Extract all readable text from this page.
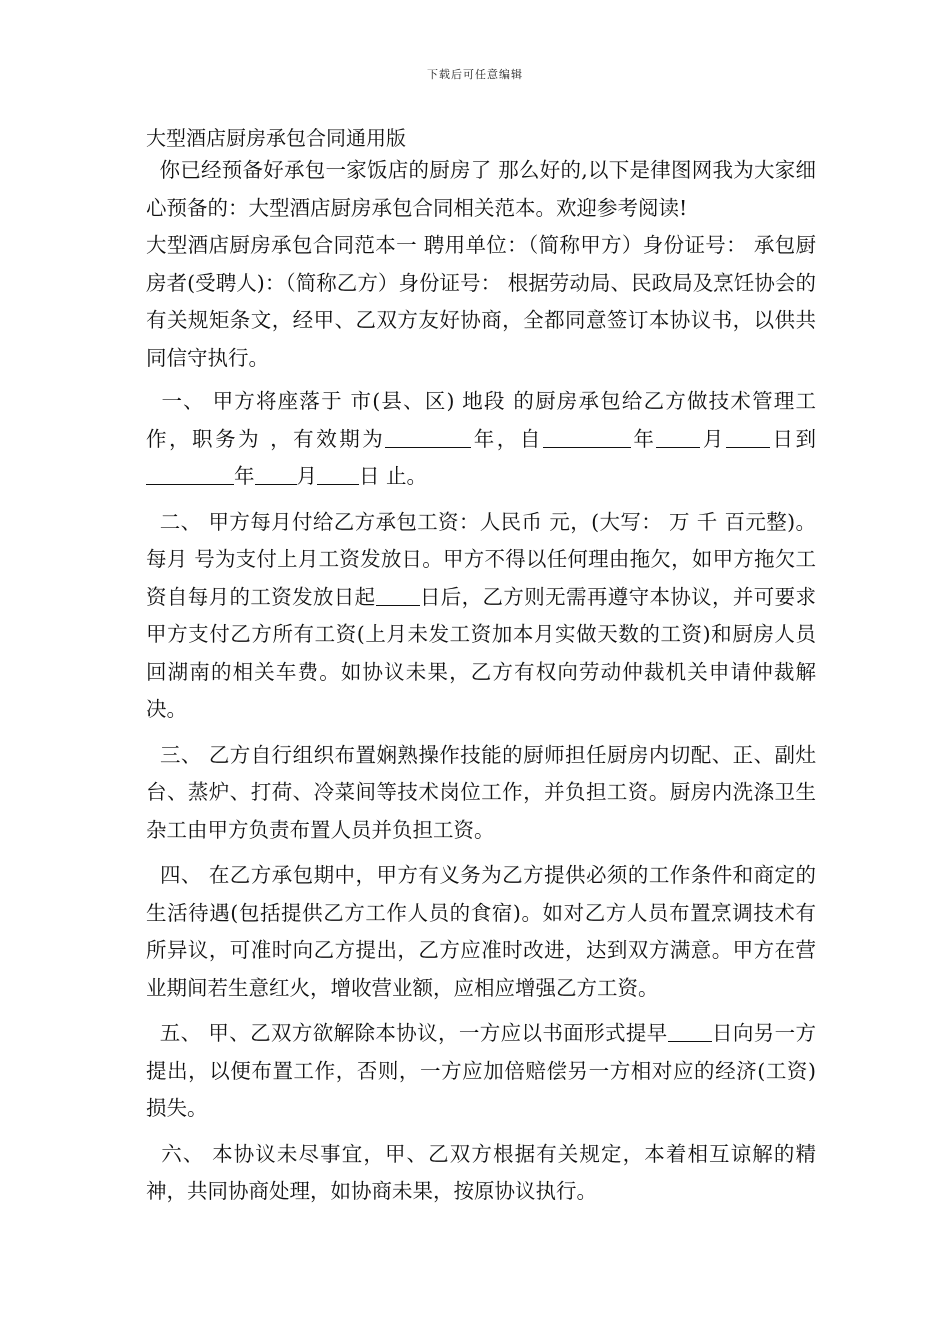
下载后可任意编辑
大型酒店厨房承包合同通用版

你已经预备好承包一家饭店的厨房了 那么好的,以下是律图网我为大家细心预备的：大型酒店厨房承包合同相关范本。欢迎参考阅读!

大型酒店厨房承包合同范本一 聘用单位：（简称甲方）身份证号： 承包厨房者(受聘人)：（简称乙方）身份证号： 根据劳动局、民政局及烹饪协会的有关规矩条文，经甲、乙双方友好协商，全都同意签订本协议书，以供共同信守执行。

一、 甲方将座落于 市(县、区) 地段 的厨房承包给乙方做技术管理工作，职务为 ，有效期为	年，自	年 月 日到年 月 日 止。

二、 甲方每月付给乙方承包工资：人民币 元，(大写： 万 千 百元整)。每月 号为支付上月工资发放日。甲方不得以任何理由拖欠，如甲方拖欠工资自每月的工资发放日起 日后，乙方则无需再遵守本协议，并可要求甲方支付乙方所有工资(上月未发工资加本月实做天数的工资)和厨房人员回湖南的相关车费。如协议未果，乙方有权向劳动仲裁机关申请仲裁解决。

三、 乙方自行组织布置娴熟操作技能的厨师担任厨房内切配、正、副灶台、蒸炉、打荷、冷菜间等技术岗位工作，并负担工资。厨房内洗涤卫生杂工由甲方负责布置人员并负担工资。

四、 在乙方承包期中，甲方有义务为乙方提供必须的工作条件和商定的生活待遇(包括提供乙方工作人员的食宿)。如对乙方人员布置烹调技术有所异议，可准时向乙方提出，乙方应准时改进，达到双方满意。甲方在营业期间若生意红火，增收营业额，应相应增强乙方工资。

五、 甲、乙双方欲解除本协议，一方应以书面形式提早 日向另一方提出，以便布置工作，否则，一方应加倍赔偿另一方相对应的经济(工资)损失。

六、 本协议未尽事宜，甲、乙双方根据有关规定，本着相互谅解的精神，共同协商处理，如协商未果，按原协议执行。
